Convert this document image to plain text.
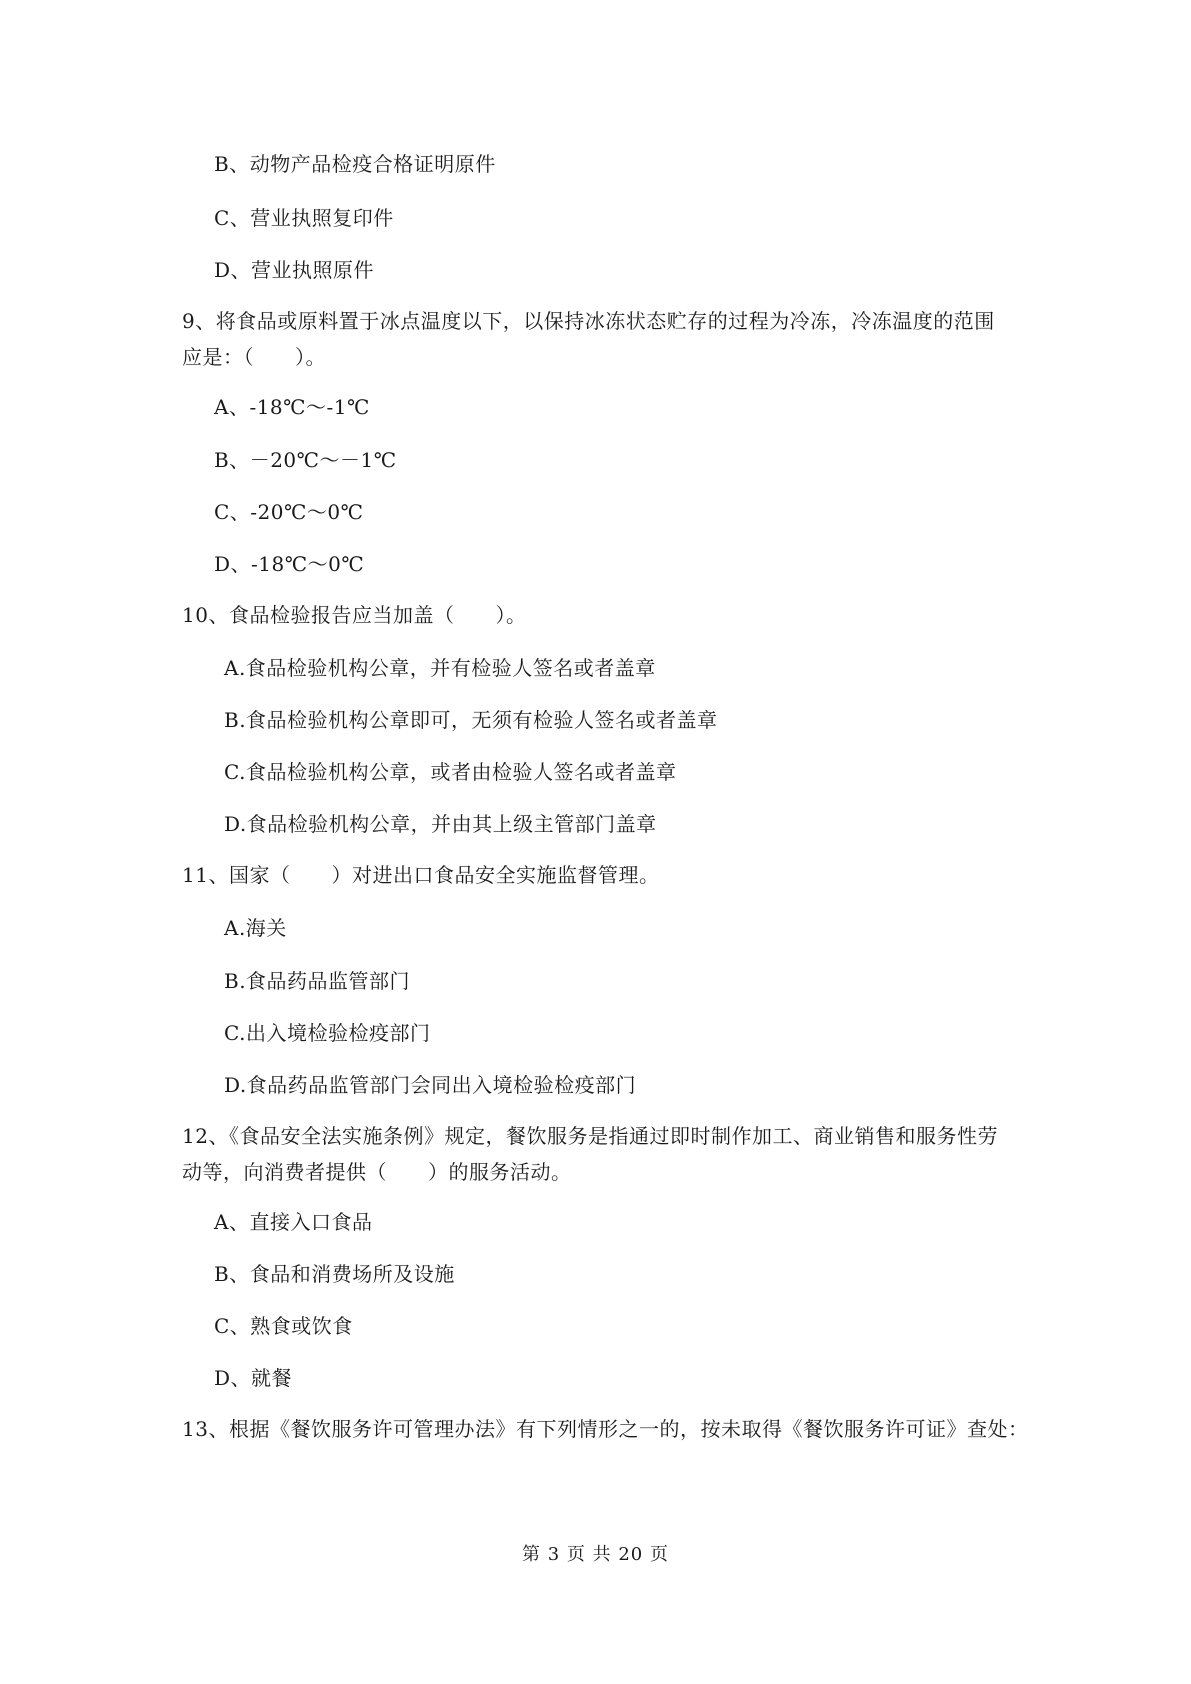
B、动物产品检疫合格证明原件
C、营业执照复印件
D、营业执照原件
9、将食品或原料置于冰点温度以下，以保持冰冻状态贮存的过程为冷冻，冷冻温度的范围
应是：（　　）。
A、-18℃～-1℃
B、－20℃～－1℃
C、-20℃～0℃
D、-18℃～0℃
10、食品检验报告应当加盖（　　）。
A.食品检验机构公章，并有检验人签名或者盖章
B.食品检验机构公章即可，无须有检验人签名或者盖章
C.食品检验机构公章，或者由检验人签名或者盖章
D.食品检验机构公章，并由其上级主管部门盖章
11、国家（　　）对进出口食品安全实施监督管理。
A.海关
B.食品药品监管部门
C.出入境检验检疫部门
D.食品药品监管部门会同出入境检验检疫部门
12、《食品安全法实施条例》规定，餐饮服务是指通过即时制作加工、商业销售和服务性劳
动等，向消费者提供（　　）的服务活动。
A、直接入口食品
B、食品和消费场所及设施
C、熟食或饮食
D、就餐
13、根据《餐饮服务许可管理办法》有下列情形之一的，按未取得《餐饮服务许可证》查处：
第 3 页 共 20 页
